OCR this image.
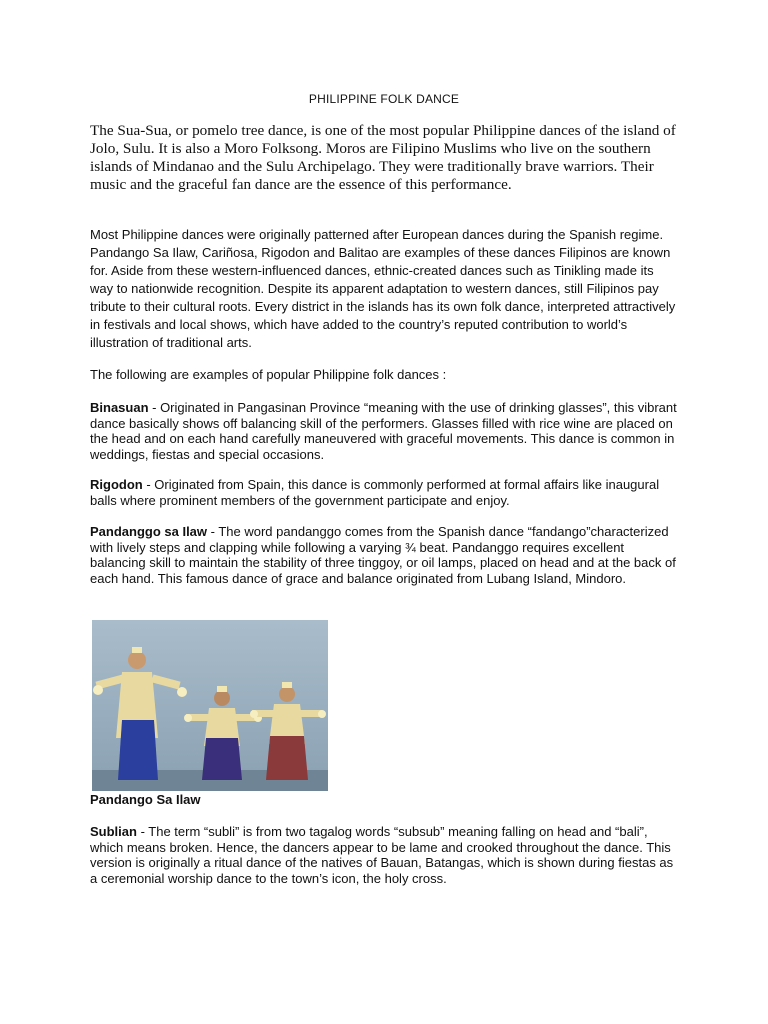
PHILIPPINE FOLK DANCE
The Sua-Sua, or pomelo tree dance, is one of the most popular Philippine dances of the island of Jolo, Sulu. It is also a Moro Folksong. Moros are Filipino Muslims who live on the southern islands of Mindanao and the Sulu Archipelago. They were traditionally brave warriors. Their music and the graceful fan dance are the essence of this performance.
Most Philippine dances were originally patterned after European dances during the Spanish regime. Pandango Sa Ilaw, Cariñosa, Rigodon and Balitao are examples of these dances Filipinos are known for. Aside from these western-influenced dances, ethnic-created dances such as Tinikling made its way to nationwide recognition. Despite its apparent adaptation to western dances, still Filipinos pay tribute to their cultural roots. Every district in the islands has its own folk dance, interpreted attractively in festivals and local shows, which have added to the country’s reputed contribution to world’s illustration of traditional arts.
The following are examples of popular Philippine folk dances :
Binasuan - Originated in Pangasinan Province “meaning with the use of drinking glasses”, this vibrant dance basically shows off balancing skill of the performers. Glasses filled with rice wine are placed on the head and on each hand carefully maneuvered with graceful movements. This dance is common in weddings, fiestas and special occasions.
Rigodon - Originated from Spain, this dance is commonly performed at formal affairs like inaugural balls where prominent members of the government participate and enjoy.
Pandanggo sa Ilaw - The word pandanggo comes from the Spanish dance “fandango”characterized with lively steps and clapping while following a varying ¾ beat. Pandanggo requires excellent balancing skill to maintain the stability of three tinggoy, or oil lamps, placed on head and at the back of each hand. This famous dance of grace and balance originated from Lubang Island, Mindoro.
Pandango Sa Ilaw
Sublian - The term “subli” is from two tagalog words “subsub” meaning falling on head and “bali”, which means broken. Hence, the dancers appear to be lame and crooked throughout the dance. This version is originally a ritual dance of the natives of Bauan, Batangas, which is shown during fiestas as a ceremonial worship dance to the town’s icon, the holy cross.
